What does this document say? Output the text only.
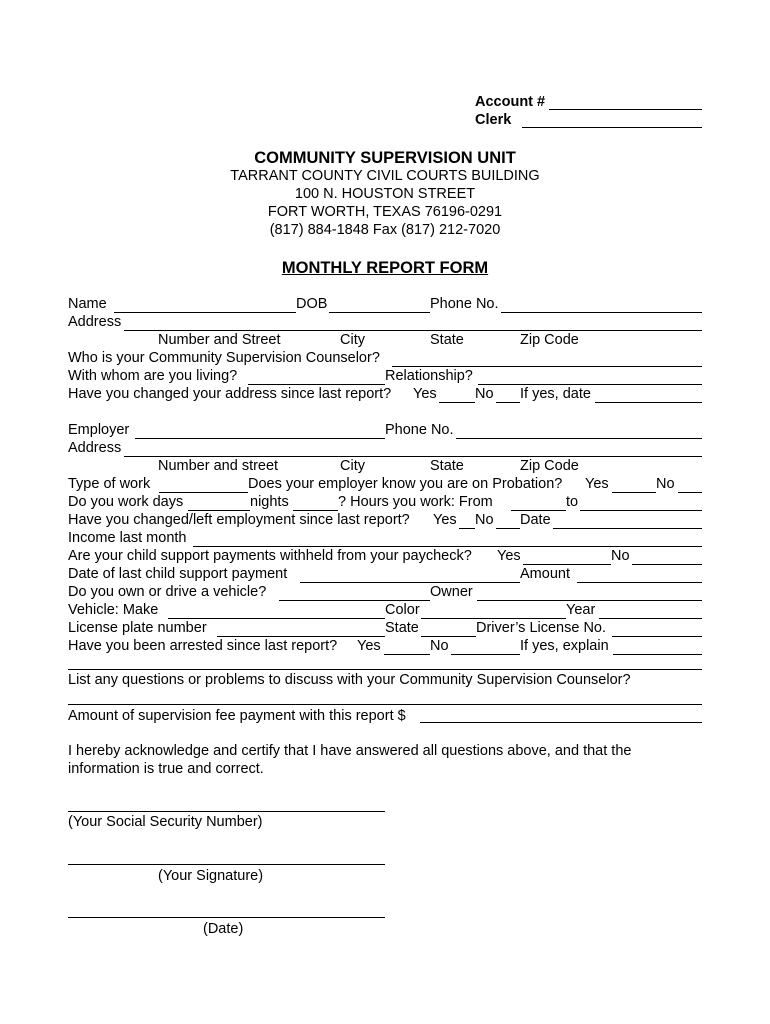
Account #
Clerk
COMMUNITY SUPERVISION UNIT
TARRANT COUNTY CIVIL COURTS BUILDING
100 N. HOUSTON STREET
FORT WORTH, TEXAS 76196-0291
(817) 884-1848 Fax (817) 212-7020
MONTHLY REPORT FORM
Name	DOB	Phone No.
Address
Number and Street	City	State	Zip Code
Who is your Community Supervision Counselor?
With whom are you living?	Relationship?
Have you changed your address since last report? Yes	No If yes, date
Employer	Phone No.
Address
Number and street	City	State	Zip Code
Type of work	Does your employer know you are on Probation? Yes	No
Do you work days	nights	? Hours you work: From	to
Have you changed/left employment since last report? Yes No Date
Income last month
Are your child support payments withheld from your paycheck? Yes	No
Date of last child support payment	Amount
Do you own or drive a vehicle?	Owner
Vehicle: Make	Color	Year
License plate number	State	Driver’s License No.
Have you been arrested since last report? Yes	No	If yes, explain
List any questions or problems to discuss with your Community Supervision Counselor?
Amount of supervision fee payment with this report $
I hereby acknowledge and certify that I have answered all questions above, and that the
information is true and correct.
(Your Social Security Number)
(Your Signature)
(Date)
